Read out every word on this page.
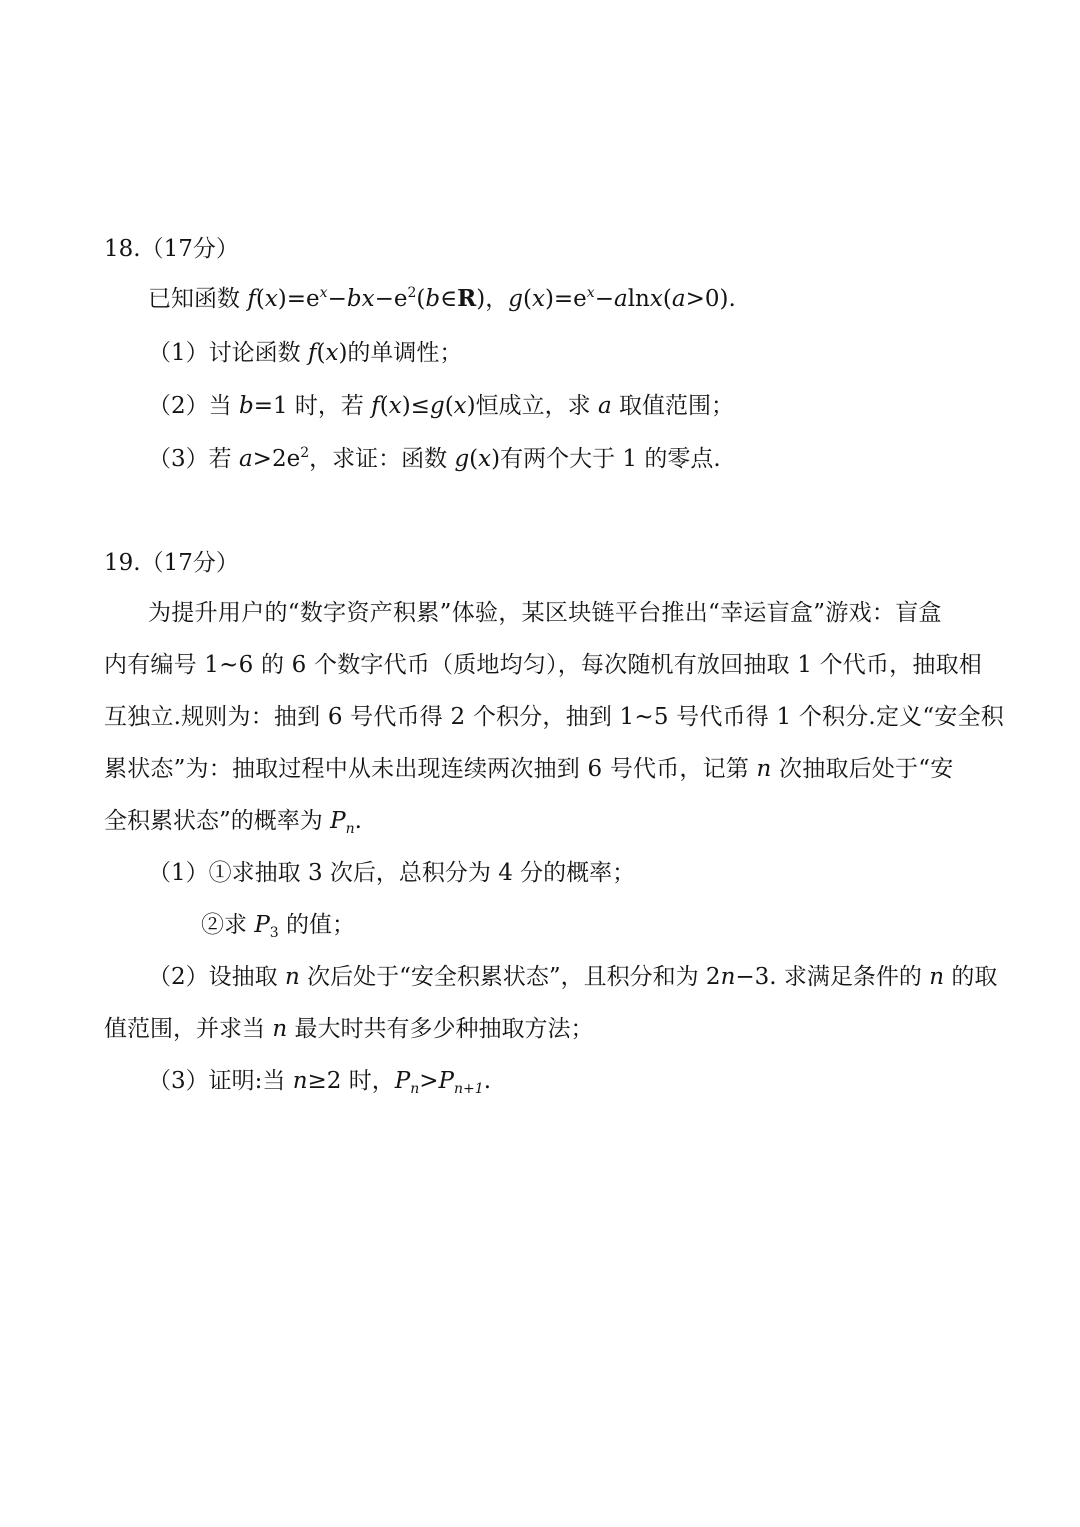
18.（17分）
已知函数 $f(x)=e^x-bx-e^2(b\in R)$，$g(x)=e^x-alnx(a>0)$.
（1）讨论函数 f(x)的单调性；
（2）当 b=1 时，若 f(x)≤g(x)恒成立，求 a 取值范围；
（3）若 $a>2e^2$，求证：函数 g(x)有两个大于 1 的零点.
19.（17分）
为提升用户的“数字资产积累”体验，某区块链平台推出“幸运盲盒”游戏：盲盒
内有编号 1~6 的 6 个数字代币（质地均匀），每次随机有放回抽取 1 个代币，抽取相
互独立.规则为：抽到 6 号代币得 2 个积分，抽到 1~5 号代币得 1 个积分.定义“安全积
累状态”为：抽取过程中从未出现连续两次抽到 6 号代币，记第 n 次抽取后处于“安
全积累状态”的概率为 $P_n$.
（1）①求抽取 3 次后，总积分为 4 分的概率；
②求 $P_3$ 的值；
（2）设抽取 n 次后处于“安全积累状态”，且积分和为 2n−3. 求满足条件的 n 的取
值范围，并求当 n 最大时共有多少种抽取方法；
（3）证明:当 n≥2 时，$P_n>P_{n+1}$.
